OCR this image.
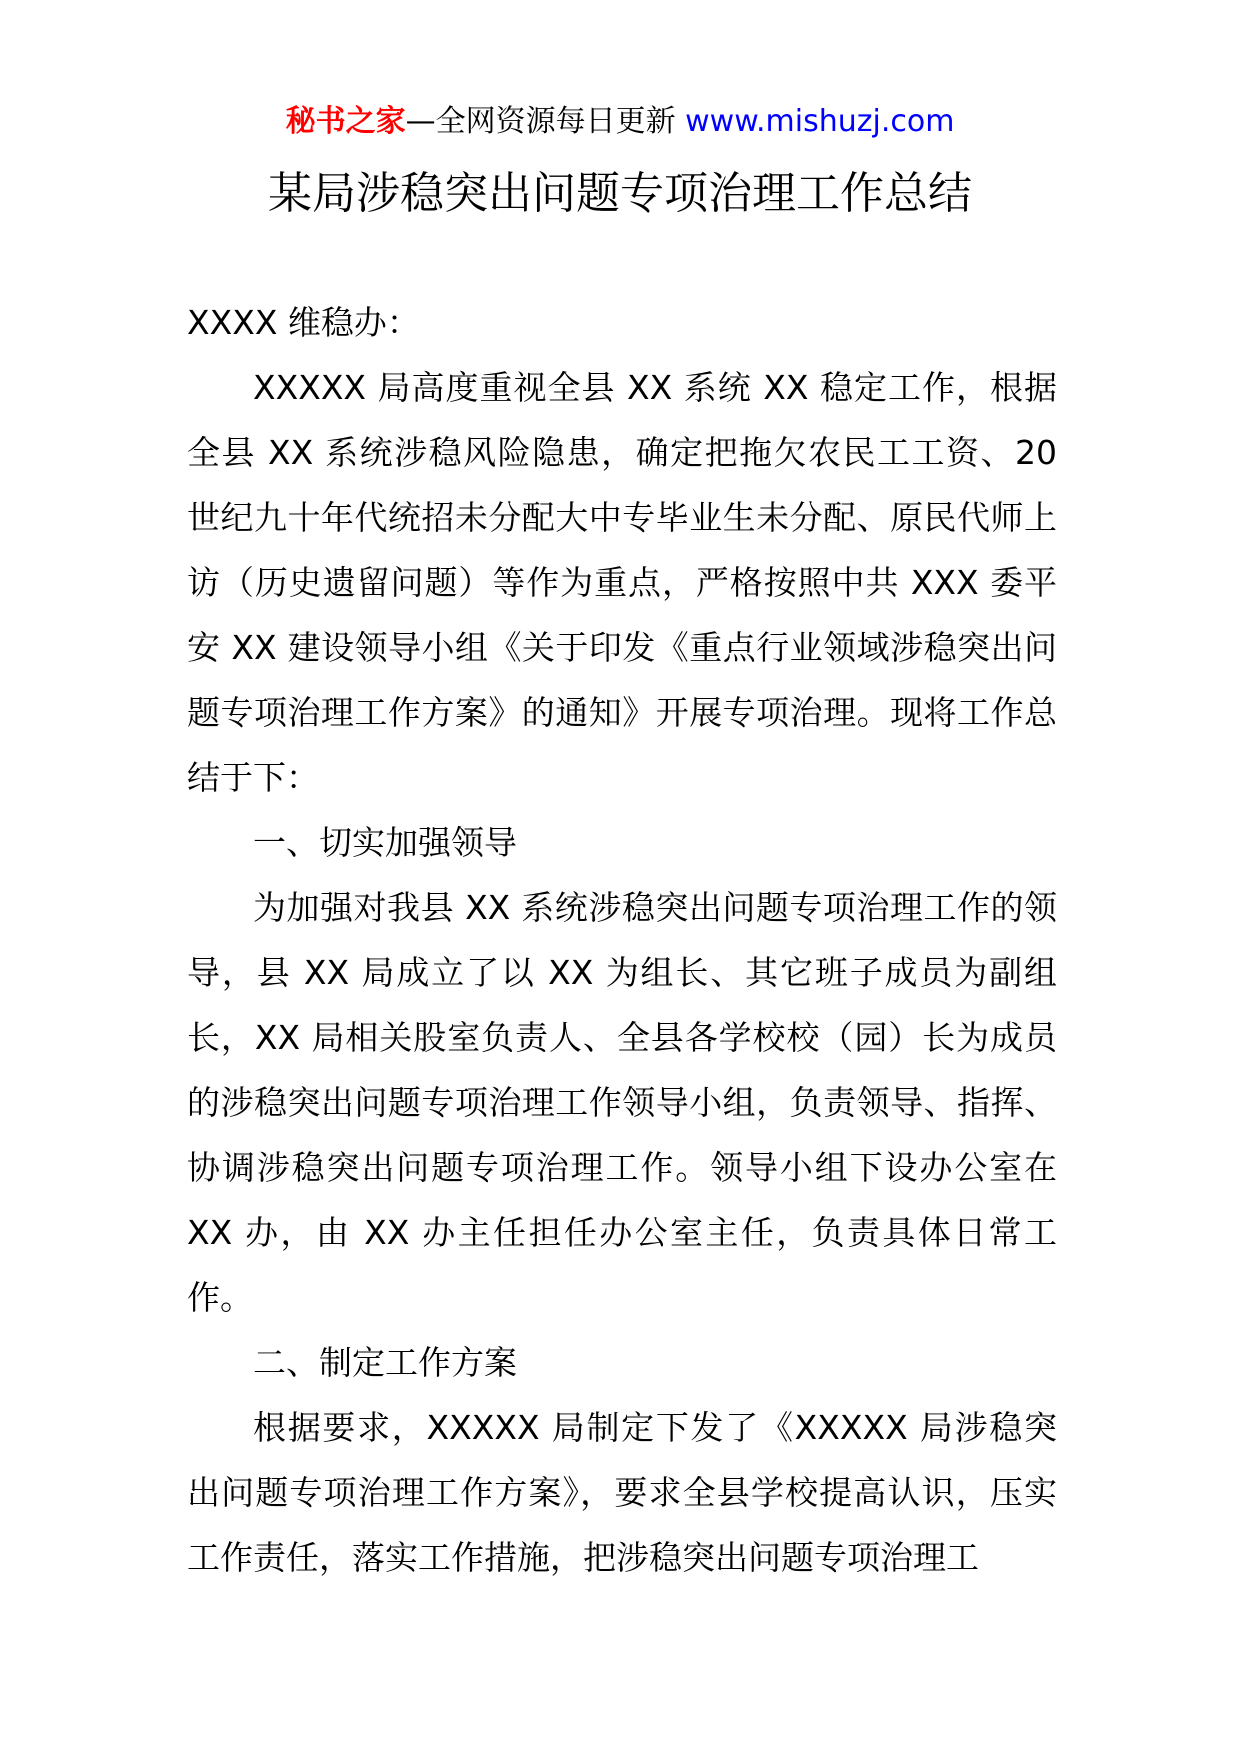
秘书之家—全网资源每日更新 www.mishuzj.com
某局涉稳突出问题专项治理工作总结

XXXX 维稳办：

XXXXX 局高度重视全县 XX 系统 XX 稳定工作，根据全县 XX 系统涉稳风险隐患，确定把拖欠农民工工资、20 世纪九十年代统招未分配大中专毕业生未分配、原民代师上访（历史遗留问题）等作为重点，严格按照中共 XXX 委平安 XX 建设领导小组《关于印发《重点行业领域涉稳突出问题专项治理工作方案》的通知》开展专项治理。现将工作总结于下：

一、切实加强领导

为加强对我县 XX 系统涉稳突出问题专项治理工作的领导，县 XX 局成立了以 XX 为组长、其它班子成员为副组长，XX 局相关股室负责人、全县各学校校（园）长为成员的涉稳突出问题专项治理工作领导小组，负责领导、指挥、协调涉稳突出问题专项治理工作。领导小组下设办公室在 XX 办，由 XX 办主任担任办公室主任，负责具体日常工作。

二、制定工作方案

根据要求，XXXXX 局制定下发了《XXXXX 局涉稳突出问题专项治理工作方案》，要求全县学校提高认识，压实工作责任，落实工作措施，把涉稳突出问题专项治理工
